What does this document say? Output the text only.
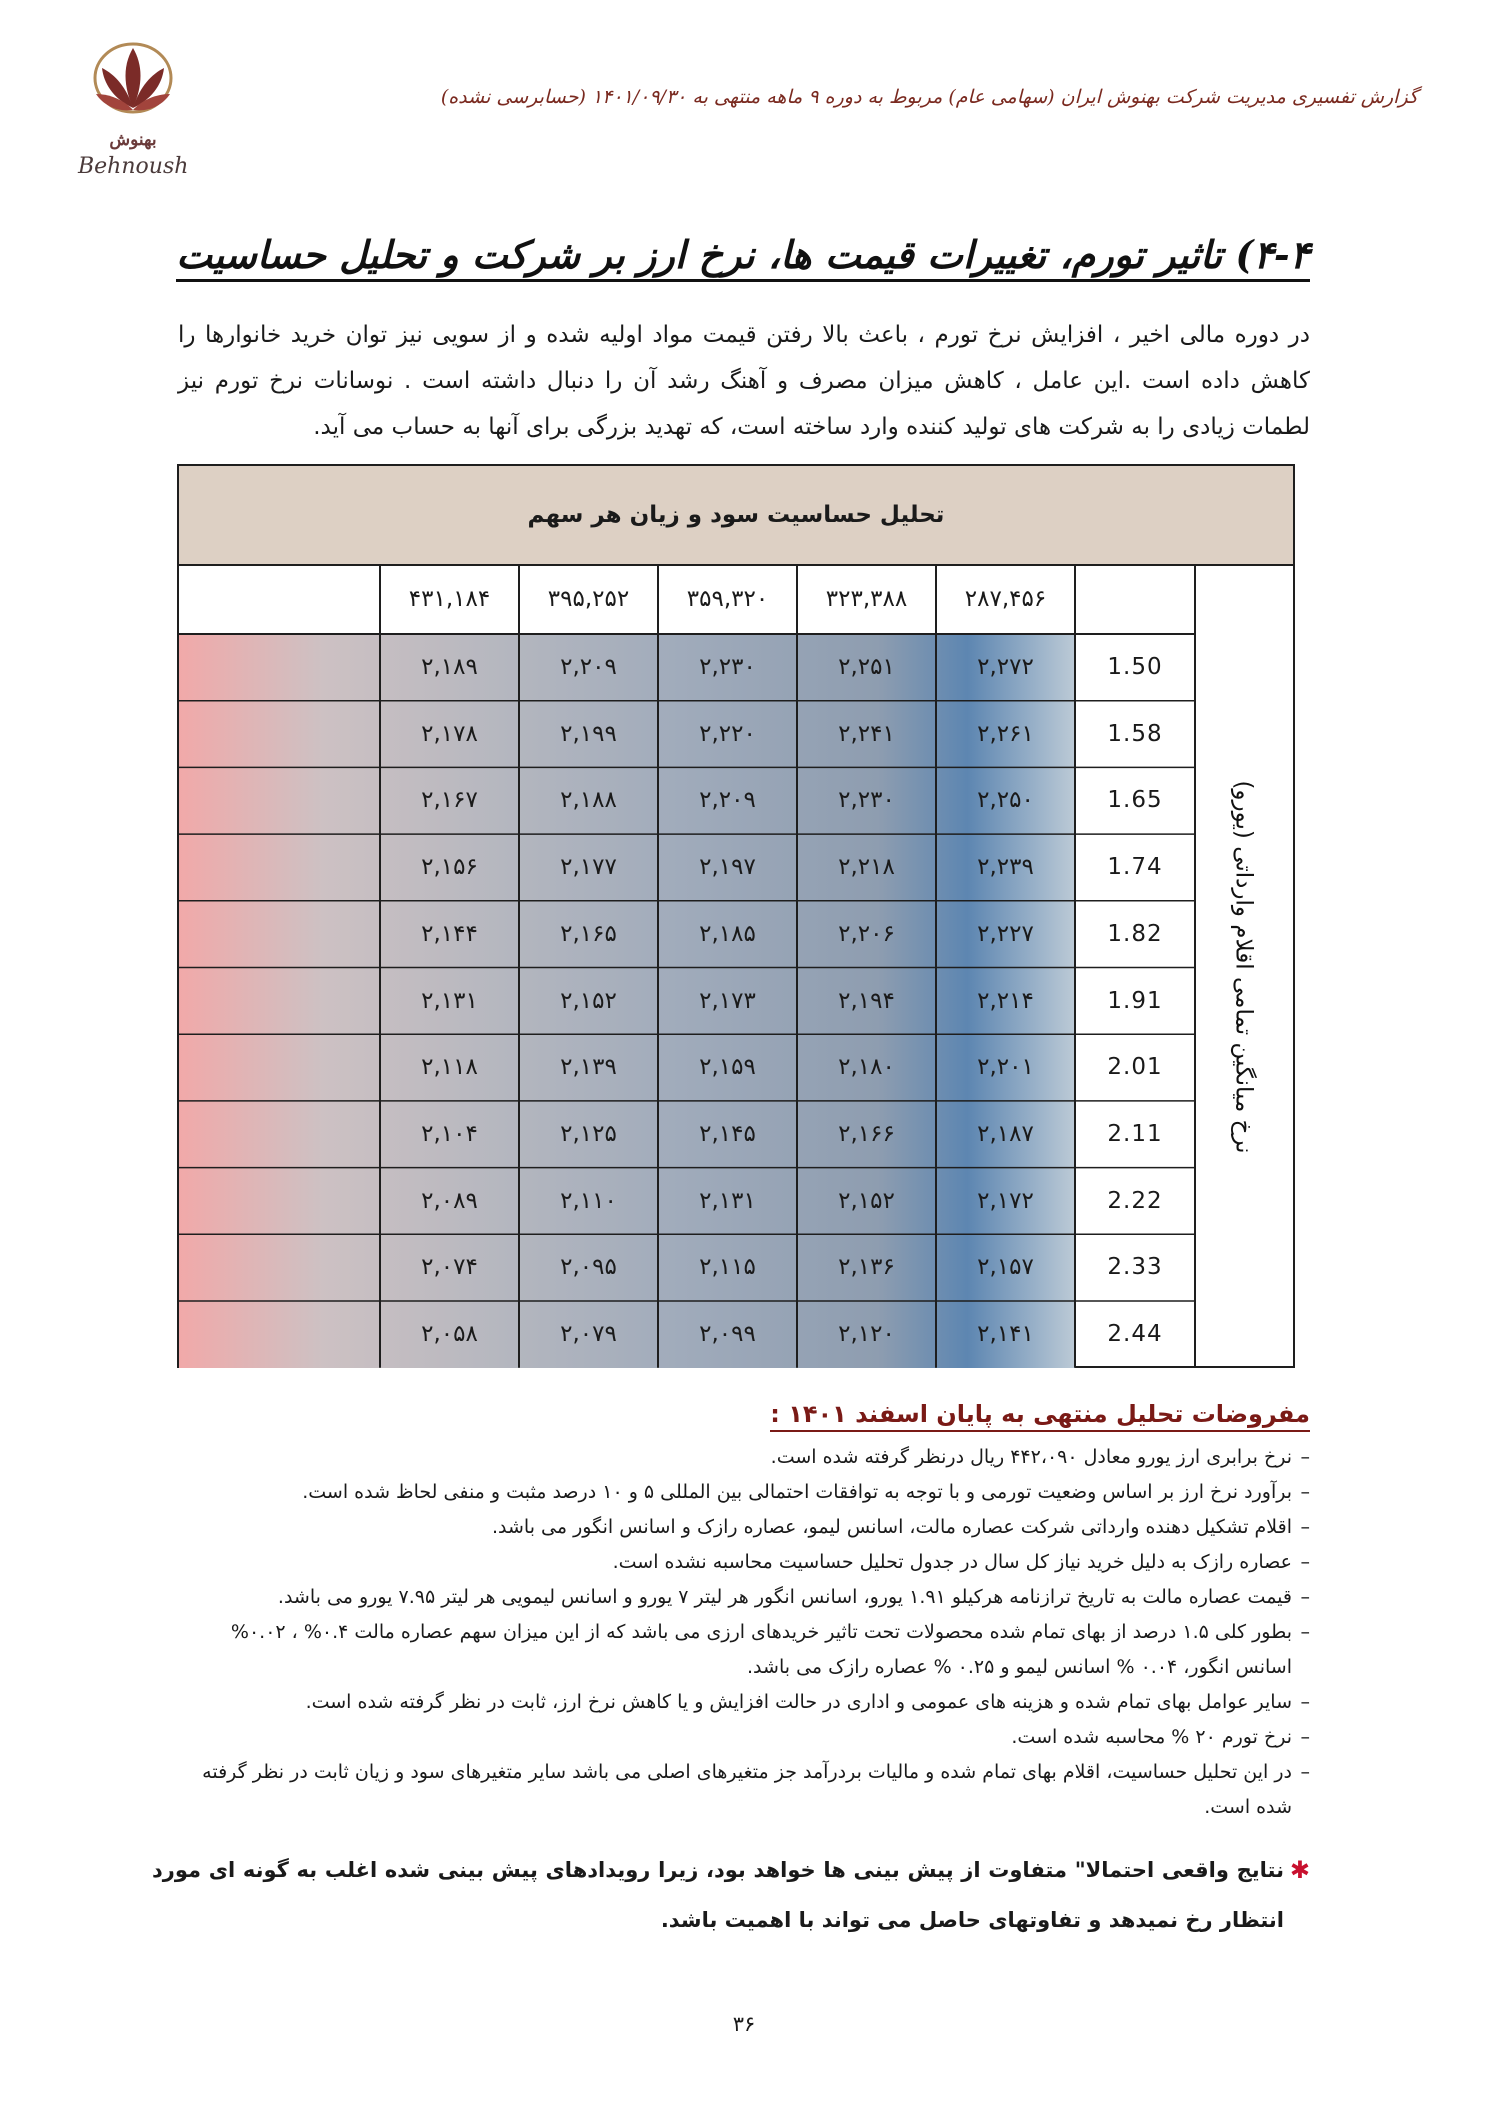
بهنوش
Behnoush
گزارش تفسیری مدیریت شرکت بهنوش ایران (سهامی عام) مربوط به دوره ۹ ماهه منتهی به ۱۴۰۱/۰۹/۳۰ (حسابرسی نشده)
۴-۴) تاثیر تورم، تغییرات قیمت ها، نرخ ارز بر شرکت و تحلیل حساسیت
در دوره مالی اخیر ، افزایش نرخ تورم ، باعث بالا رفتن قیمت مواد اولیه شده و از سویی نیز توان خرید خانوارها را کاهش داده است .این عامل ، کاهش میزان مصرف و آهنگ رشد آن را دنبال داشته است . نوسانات نرخ تورم نیز لطمات زیادی را به شرکت های تولید کننده وارد ساخته است، که تهدید بزرگی برای آنها به حساب می آید.
تحلیل حساسیت سود و زیان هر سهم
نرخ میانگین تمامی اقلام وارداتی (یورو)
۲۸۷,۴۵۶
۳۲۳,۳۸۸
۳۵۹,۳۲۰
۳۹۵,۲۵۲
۴۳۱,۱۸۴
1.50
۲,۲۷۲
۲,۲۵۱
۲,۲۳۰
۲,۲۰۹
۲,۱۸۹
1.58
۲,۲۶۱
۲,۲۴۱
۲,۲۲۰
۲,۱۹۹
۲,۱۷۸
1.65
۲,۲۵۰
۲,۲۳۰
۲,۲۰۹
۲,۱۸۸
۲,۱۶۷
1.74
۲,۲۳۹
۲,۲۱۸
۲,۱۹۷
۲,۱۷۷
۲,۱۵۶
1.82
۲,۲۲۷
۲,۲۰۶
۲,۱۸۵
۲,۱۶۵
۲,۱۴۴
1.91
۲,۲۱۴
۲,۱۹۴
۲,۱۷۳
۲,۱۵۲
۲,۱۳۱
2.01
۲,۲۰۱
۲,۱۸۰
۲,۱۵۹
۲,۱۳۹
۲,۱۱۸
2.11
۲,۱۸۷
۲,۱۶۶
۲,۱۴۵
۲,۱۲۵
۲,۱۰۴
2.22
۲,۱۷۲
۲,۱۵۲
۲,۱۳۱
۲,۱۱۰
۲,۰۸۹
2.33
۲,۱۵۷
۲,۱۳۶
۲,۱۱۵
۲,۰۹۵
۲,۰۷۴
2.44
۲,۱۴۱
۲,۱۲۰
۲,۰۹۹
۲,۰۷۹
۲,۰۵۸
مفروضات تحلیل منتهی به پایان اسفند ۱۴۰۱ :
– نرخ برابری ارز یورو معادل ۴۴۲،۰۹۰ ریال درنظر گرفته شده است.
– برآورد نرخ ارز بر اساس وضعیت تورمی و با توجه به توافقات احتمالی بین المللی ۵ و ۱۰ درصد مثبت و منفی لحاظ شده است.
– اقلام تشکیل دهنده وارداتی شرکت عصاره مالت، اسانس لیمو، عصاره رازک و اسانس انگور می باشد.
– عصاره رازک به دلیل خرید نیاز کل سال در جدول تحلیل حساسیت محاسبه نشده است.
– قیمت عصاره مالت به تاریخ ترازنامه هرکیلو ۱.۹۱ یورو، اسانس انگور هر لیتر ۷ یورو و اسانس لیمویی هر لیتر ۷.۹۵ یورو می باشد.
– بطور کلی ۱.۵ درصد از بهای تمام شده محصولات تحت تاثیر خریدهای ارزی می باشد که از این میزان سهم عصاره مالت ۰.۴% ، ۰.۰۲% اسانس انگور، ۰.۰۴ % اسانس لیمو و ۰.۲۵ % عصاره رازک می باشد.
– سایر عوامل بهای تمام شده و هزینه های عمومی و اداری در حالت افزایش و یا کاهش نرخ ارز، ثابت در نظر گرفته شده است.
– نرخ تورم ۲۰ % محاسبه شده است.
– در این تحلیل حساسیت، اقلام بهای تمام شده و مالیات بردرآمد جز متغیرهای اصلی می باشد سایر متغیرهای سود و زیان ثابت در نظر گرفته شده است.
✱
نتایج واقعی احتمالا" متفاوت از پیش بینی ها خواهد بود، زیرا رویدادهای پیش بینی شده اغلب به گونه ای مورد انتظار رخ نمیدهد و تفاوتهای حاصل می تواند با اهمیت باشد.
۳۶
